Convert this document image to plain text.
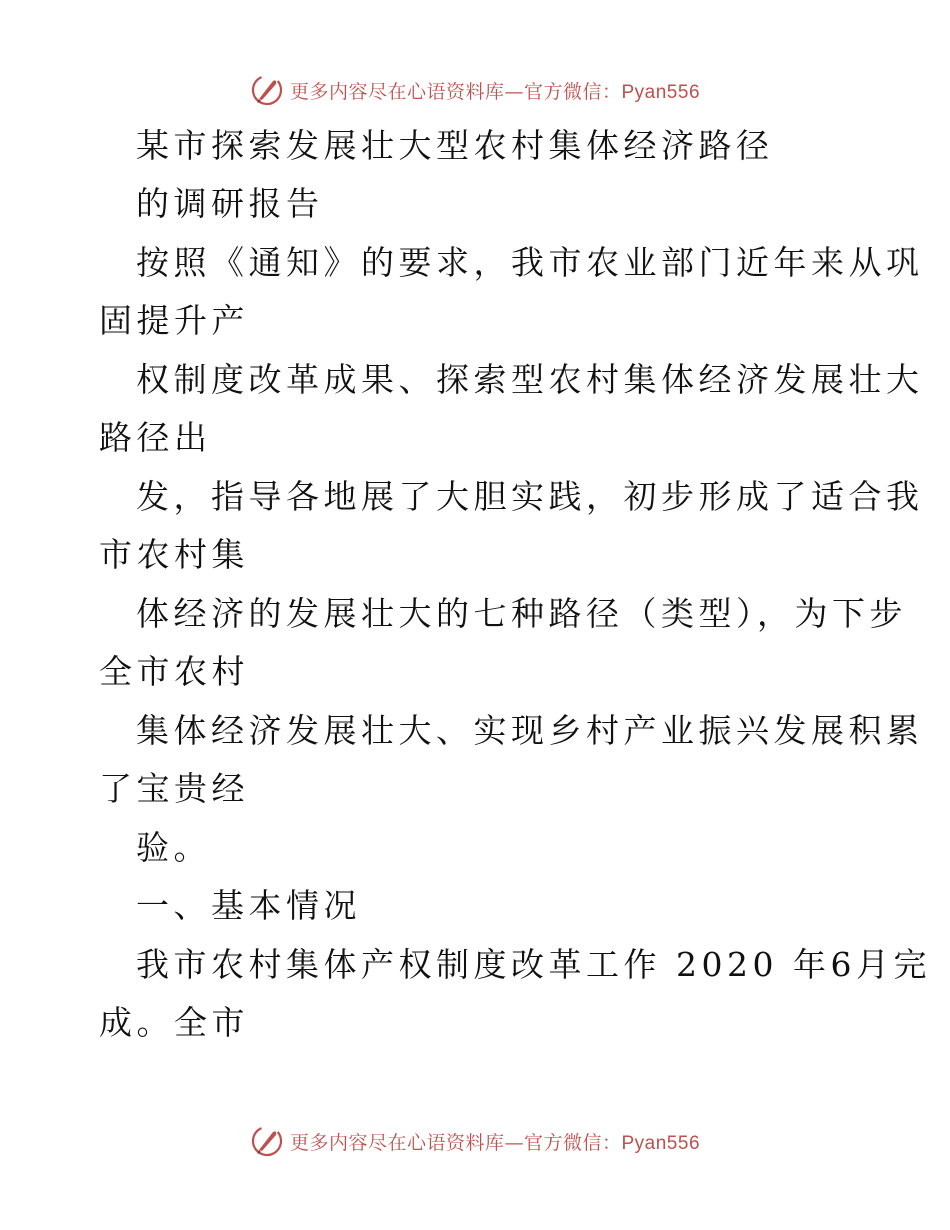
更多内容尽在心语资料库—官方微信：Pyan556
某市探索发展壮大型农村集体经济路径
的调研报告
按照《通知》的要求，我市农业部门近年来从巩
固提升产
权制度改革成果、探索型农村集体经济发展壮大
路径出
发，指导各地展了大胆实践，初步形成了适合我
市农村集
体经济的发展壮大的七种路径（类型），为下步
全市农村
集体经济发展壮大、实现乡村产业振兴发展积累
了宝贵经
验。
一、基本情况
我市农村集体产权制度改革工作 2020 年6月完
成。全市
更多内容尽在心语资料库—官方微信：Pyan556
